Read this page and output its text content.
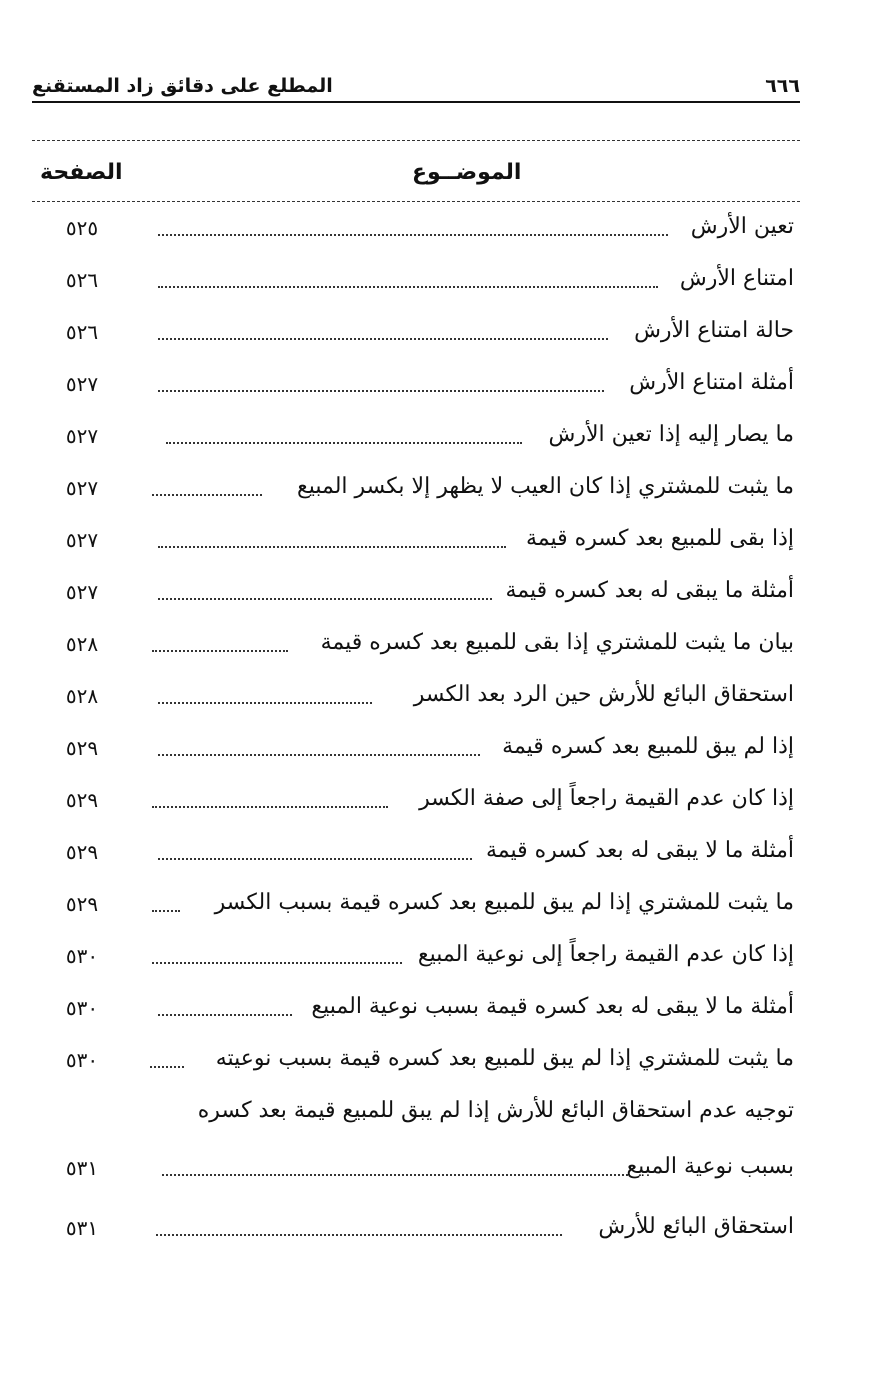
٦٦٦
المطلع على دقائق زاد المستقنع
الموضــوع
الصفحة
تعين الأرش
٥٢٥
امتناع الأرش
٥٢٦
حالة امتناع الأرش
٥٢٦
أمثلة امتناع الأرش
٥٢٧
ما يصار إليه إذا تعين الأرش
٥٢٧
ما يثبت للمشتري إذا كان العيب لا يظهر إلا بكسر المبيع
٥٢٧
إذا بقى للمبيع بعد كسره قيمة
٥٢٧
أمثلة ما يبقى له بعد كسره قيمة
٥٢٧
بيان ما يثبت للمشتري إذا بقى للمبيع بعد كسره قيمة
٥٢٨
استحقاق البائع للأرش حين الرد بعد الكسر
٥٢٨
إذا لم يبق للمبيع بعد كسره قيمة
٥٢٩
إذا كان عدم القيمة راجعاً إلى صفة الكسر
٥٢٩
أمثلة ما لا يبقى له بعد كسره قيمة
٥٢٩
ما يثبت للمشتري إذا لم يبق للمبيع بعد كسره قيمة بسبب الكسر
٥٢٩
إذا كان عدم القيمة راجعاً إلى نوعية المبيع
٥٣٠
أمثلة ما لا يبقى له بعد كسره قيمة بسبب نوعية المبيع
٥٣٠
ما يثبت للمشتري إذا لم يبق للمبيع بعد كسره قيمة بسبب نوعيته
٥٣٠
توجيه عدم استحقاق البائع للأرش إذا لم يبق للمبيع قيمة بعد كسره
بسبب نوعية المبيع
٥٣١
استحقاق البائع للأرش
٥٣١
